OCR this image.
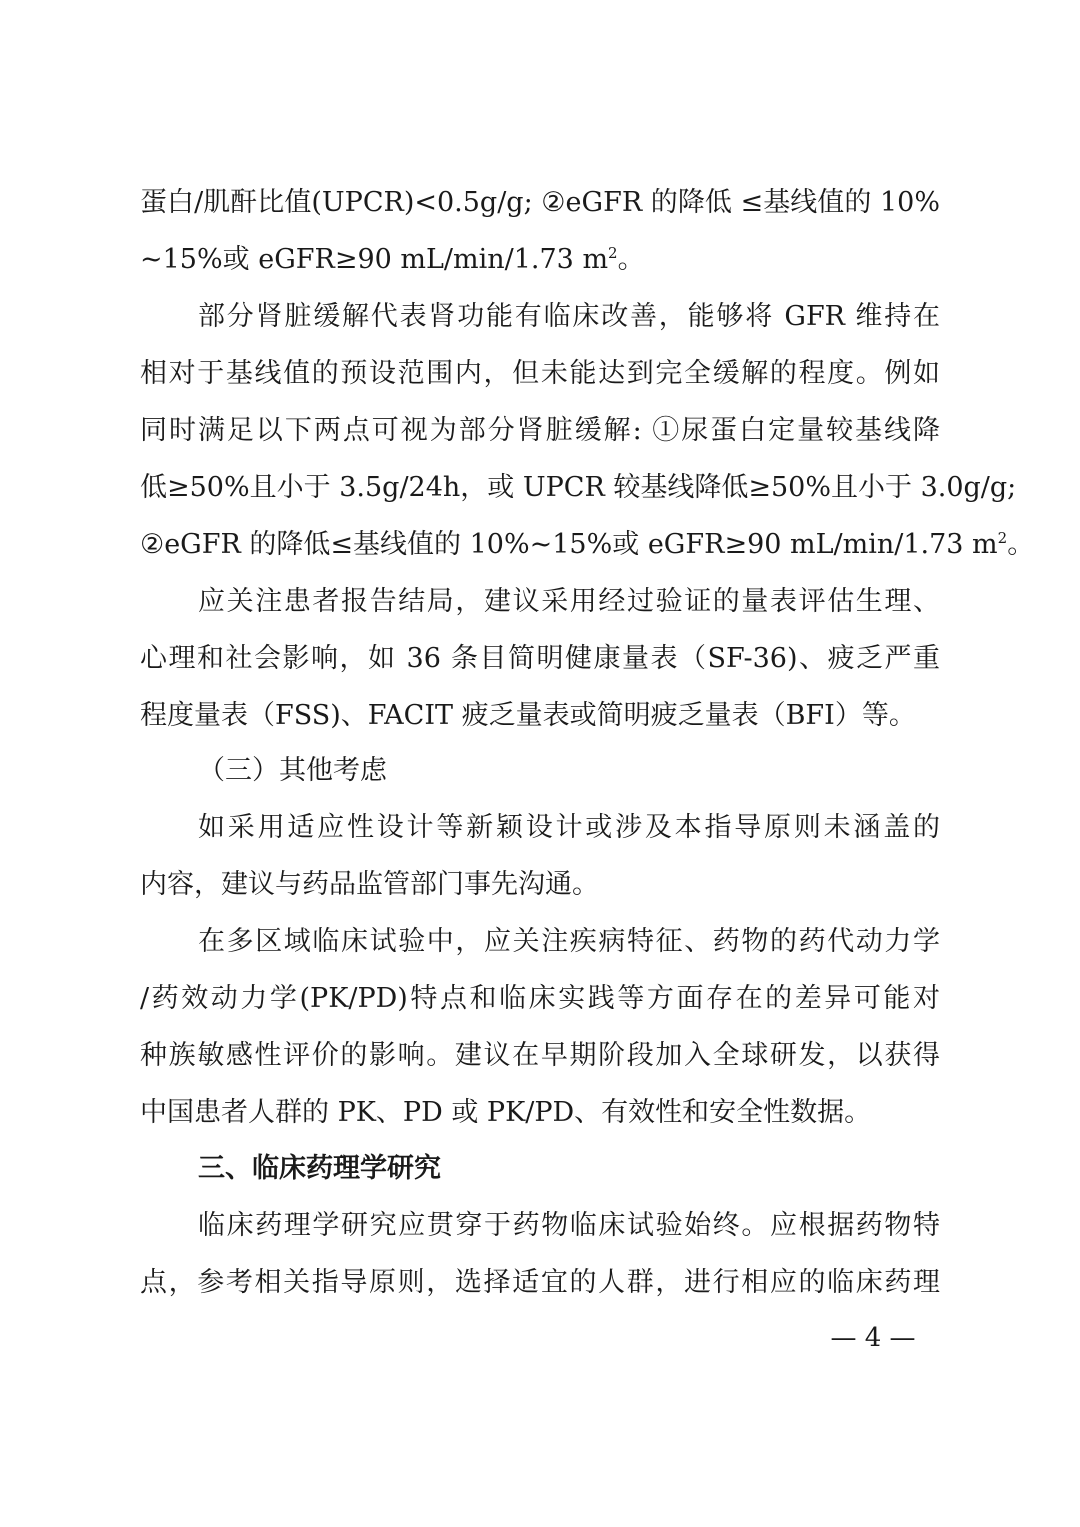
蛋白/肌酐比值(UPCR)<0.5g/g; ②eGFR 的降低 ≤基线值的 10%
~15%或 eGFR≥90 mL/min/1.73 $m^2$。
部分肾脏缓解代表肾功能有临床改善，能够将 GFR 维持在
相对于基线值的预设范围内，但未能达到完全缓解的程度。例如
同时满足以下两点可视为部分肾脏缓解: ①尿蛋白定量较基线降
低≥50%且小于 3.5g/24h，或 UPCR 较基线降低≥50%且小于 3.0g/g;
②eGFR 的降低≤基线值的 10%~15%或 eGFR≥90 mL/min/1.73 $m^2$。
应关注患者报告结局，建议采用经过验证的量表评估生理、
心理和社会影响，如 36 条目简明健康量表（SF-36)、疲乏严重
程度量表（FSS)、FACIT 疲乏量表或简明疲乏量表（BFI）等。
（三）其他考虑
如采用适应性设计等新颖设计或涉及本指导原则未涵盖的
内容，建议与药品监管部门事先沟通。
在多区域临床试验中，应关注疾病特征、药物的药代动力学
/药效动力学(PK/PD)特点和临床实践等方面存在的差异可能对
种族敏感性评价的影响。建议在早期阶段加入全球研发，以获得
中国患者人群的 PK、PD 或 PK/PD、有效性和安全性数据。
三、临床药理学研究
临床药理学研究应贯穿于药物临床试验始终。应根据药物特
点，参考相关指导原则，选择适宜的人群，进行相应的临床药理
— 4 —
